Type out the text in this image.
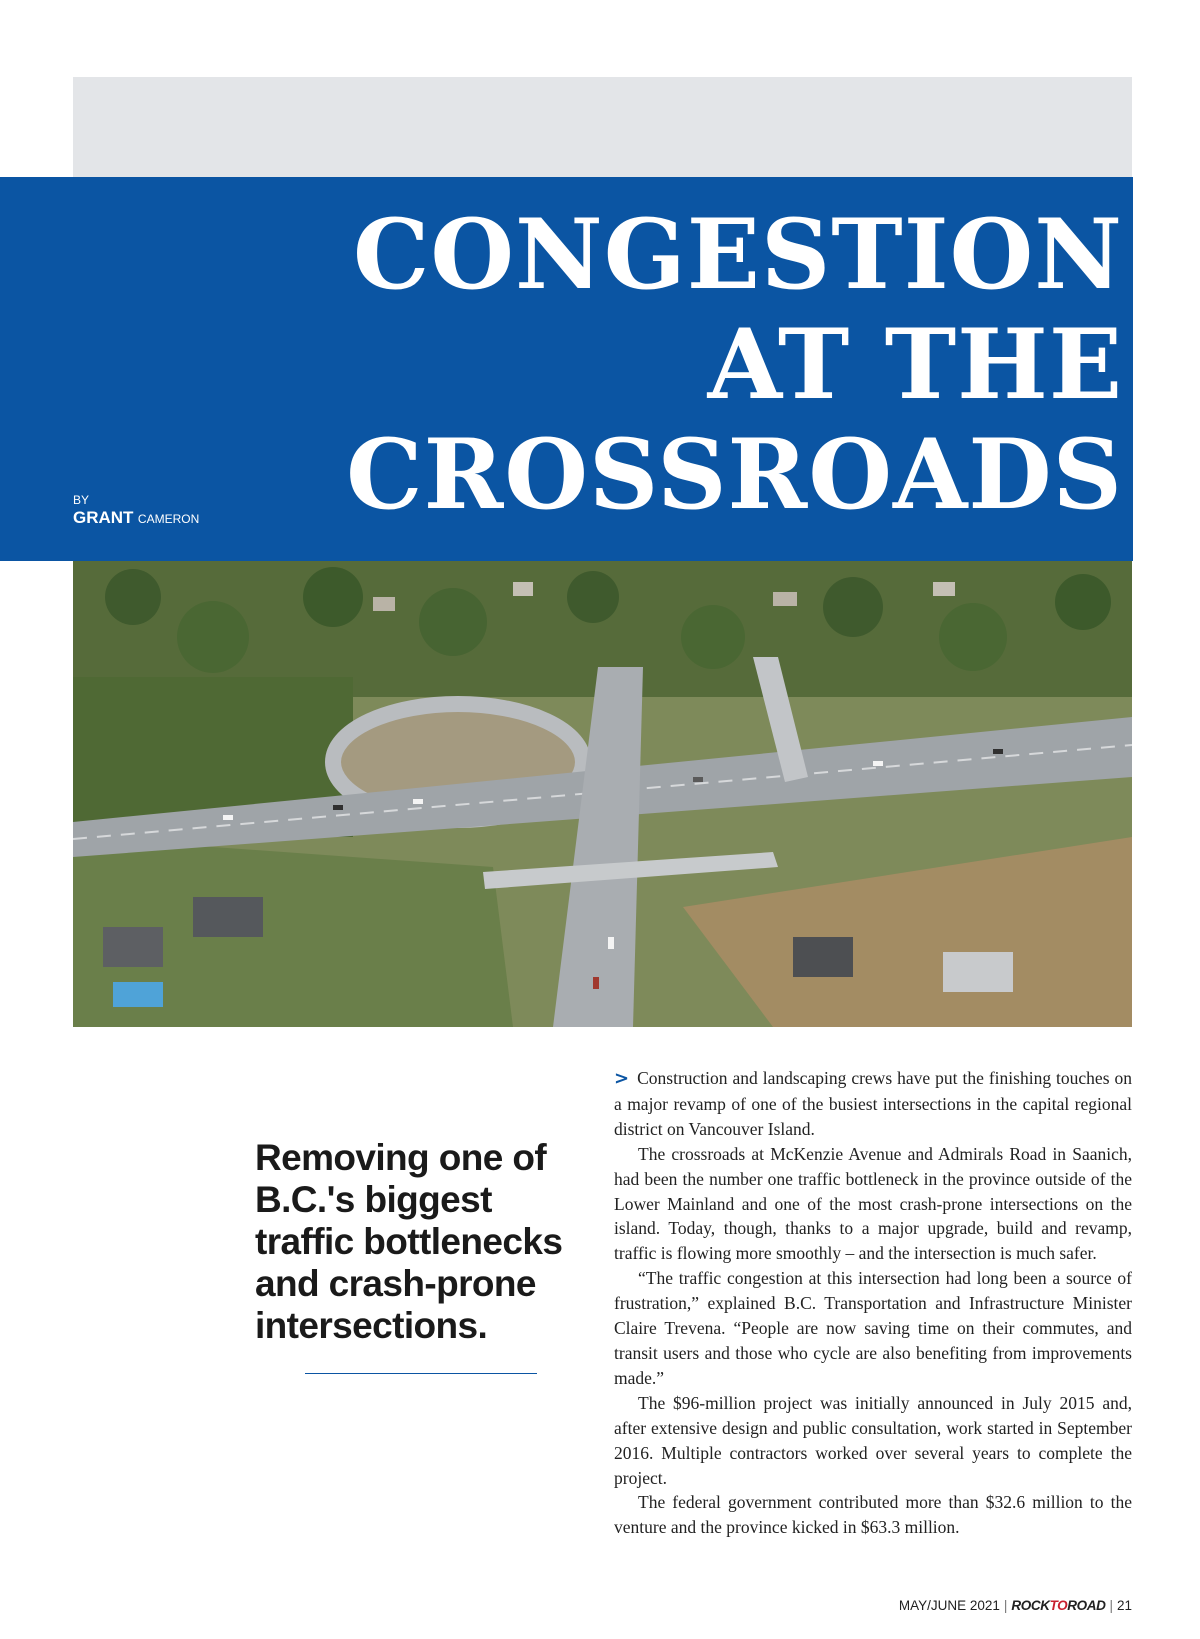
CONGESTION
AT THE
CROSSROADS
BY
GRANT CAMERON

Removing one of B.C.'s biggest traffic bottlenecks and crash-prone intersections.

> Construction and landscaping crews have put the finishing touches on a major revamp of one of the busiest intersections in the capital regional district on Vancouver Island.

The crossroads at McKenzie Avenue and Admirals Road in Saanich, had been the number one traffic bottleneck in the province outside of the Lower Mainland and one of the most crash-prone intersections on the island. Today, though, thanks to a major upgrade, build and revamp, traffic is flowing more smoothly – and the intersection is much safer.

“The traffic congestion at this intersection had long been a source of frustration,” explained B.C. Transportation and Infrastructure Minister Claire Trevena. “People are now saving time on their commutes, and transit users and those who cycle are also benefiting from improvements made.”

The $96-million project was initially announced in July 2015 and, after extensive design and public consultation, work started in September 2016. Multiple contractors worked over several years to complete the project.

The federal government contributed more than $32.6 million to the venture and the province kicked in $63.3 million.

MAY/JUNE 2021 | ROCKTOROAD | 21
